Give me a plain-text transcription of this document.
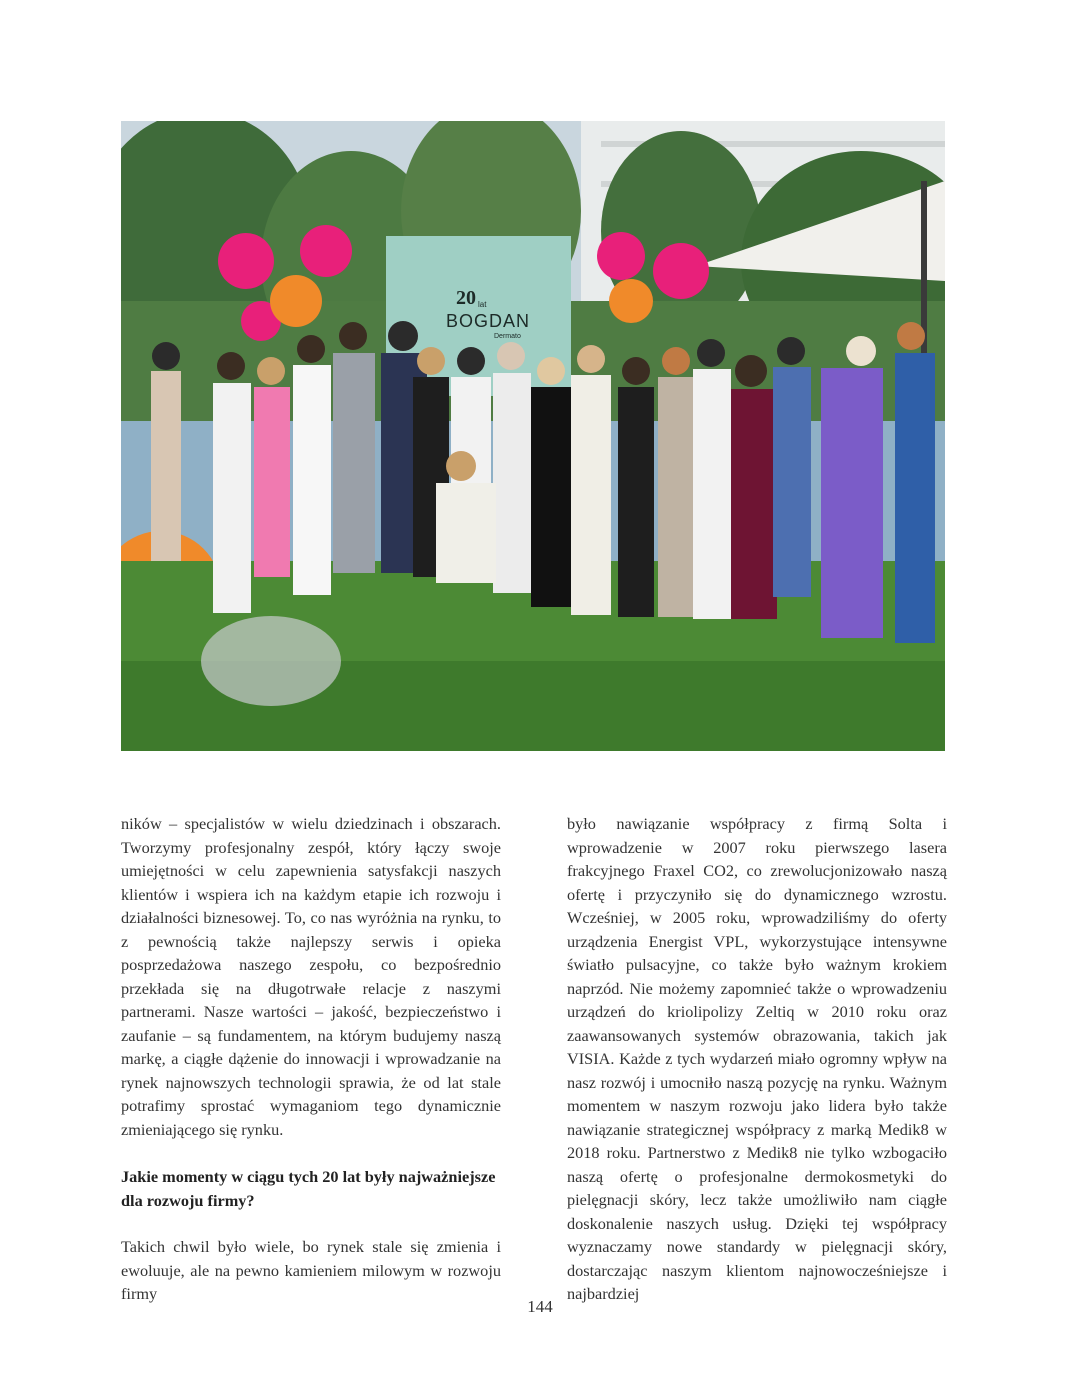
20 lat
BOGDAN
Dermato

ników – specjalistów w wielu dziedzinach i obszarach. Tworzymy profesjonalny zespół, który łączy swoje umiejętności w celu zapewnienia satysfakcji naszych klientów i wspiera ich na każdym etapie ich rozwoju i działalności biznesowej. To, co nas wyróżnia na rynku, to z pewnością także najlepszy serwis i opieka posprzedażowa naszego zespołu, co bezpośrednio przekłada się na długotrwałe relacje z naszymi partnerami. Nasze wartości – jakość, bezpieczeństwo i zaufanie – są fundamentem, na którym budujemy naszą markę, a ciągłe dążenie do innowacji i wprowadzanie na rynek najnowszych technologii sprawia, że od lat stale potrafimy sprostać wymaganiom tego dynamicznie zmieniającego się rynku.

Jakie momenty w ciągu tych 20 lat były najważniejsze dla rozwoju firmy?

Takich chwil było wiele, bo rynek stale się zmienia i ewoluuje, ale na pewno kamieniem milowym w rozwoju firmy

było nawiązanie współpracy z firmą Solta i wprowadzenie w 2007 roku pierwszego lasera frakcyjnego Fraxel CO2, co zrewolucjonizowało naszą ofertę i przyczyniło się do dynamicznego wzrostu. Wcześniej, w 2005 roku, wprowadziliśmy do oferty urządzenia Energist VPL, wykorzystujące intensywne światło pulsacyjne, co także było ważnym krokiem naprzód. Nie możemy zapomnieć także o wprowadzeniu urządzeń do kriolipolizy Zeltiq w 2010 roku oraz zaawansowanych systemów obrazowania, takich jak VISIA. Każde z tych wydarzeń miało ogromny wpływ na nasz rozwój i umocniło naszą pozycję na rynku. Ważnym momentem w naszym rozwoju jako lidera było także nawiązanie strategicznej współpracy z marką Medik8 w 2018 roku. Partnerstwo z Medik8 nie tylko wzbogaciło naszą ofertę o profesjonalne dermokosmetyki do pielęgnacji skóry, lecz także umożliwiło nam ciągłe doskonalenie naszych usług. Dzięki tej współpracy wyznaczamy nowe standardy w pielęgnacji skóry, dostarczając naszym klientom najnowocześniejsze i najbardziej

144
